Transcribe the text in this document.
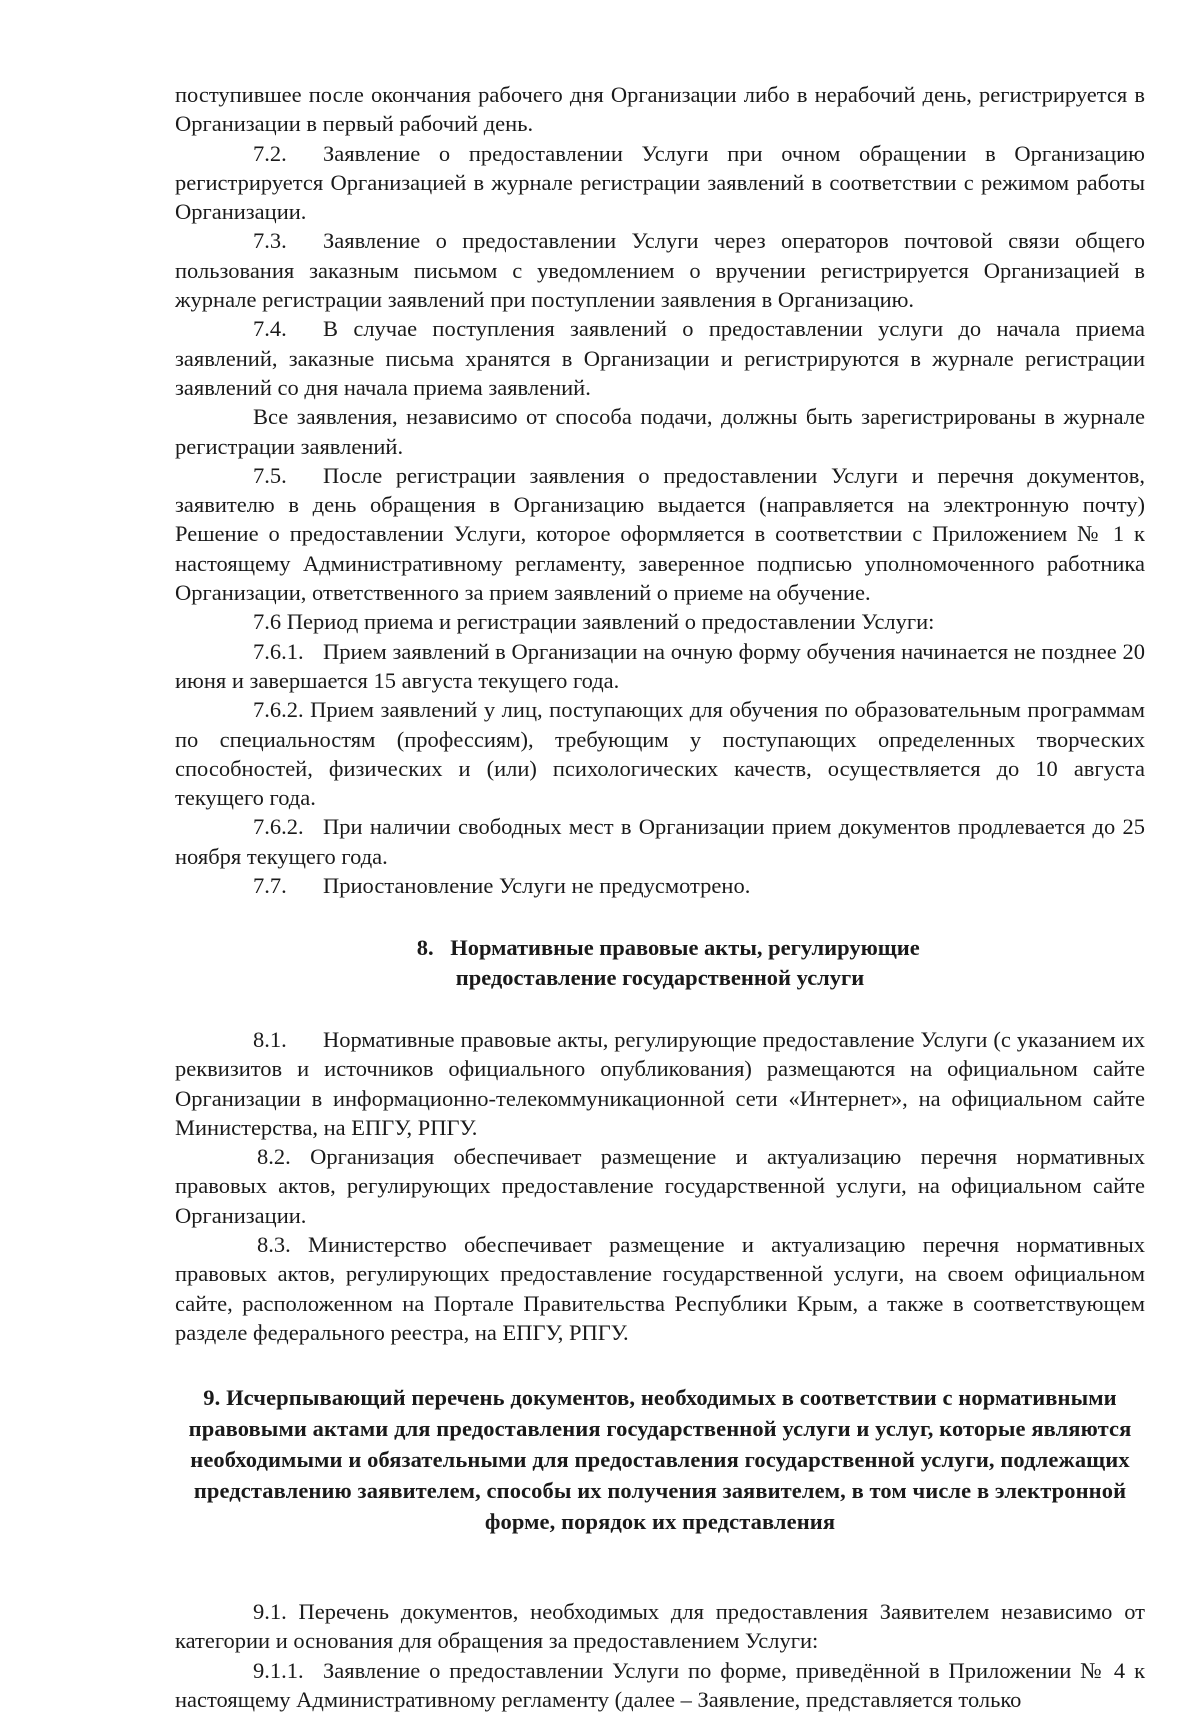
поступившее после окончания рабочего дня Организации либо в нерабочий день, регистрируется в Организации в первый рабочий день.

7.2. Заявление о предоставлении Услуги при очном обращении в Организацию регистрируется Организацией в журнале регистрации заявлений в соответствии с режимом работы Организации.

7.3. Заявление о предоставлении Услуги через операторов почтовой связи общего пользования заказным письмом с уведомлением о вручении регистрируется Организацией в журнале регистрации заявлений при поступлении заявления в Организацию.

7.4. В случае поступления заявлений о предоставлении услуги до начала приема заявлений, заказные письма хранятся в Организации и регистрируются в журнале регистрации заявлений со дня начала приема заявлений.

Все заявления, независимо от способа подачи, должны быть зарегистрированы в журнале регистрации заявлений.

7.5. После регистрации заявления о предоставлении Услуги и перечня документов, заявителю в день обращения в Организацию выдается (направляется на электронную почту) Решение о предоставлении Услуги, которое оформляется в соответствии с Приложением № 1 к настоящему Административному регламенту, заверенное подписью уполномоченного работника Организации, ответственного за прием заявлений о приеме на обучение.

7.6 Период приема и регистрации заявлений о предоставлении Услуги:

7.6.1. Прием заявлений в Организации на очную форму обучения начинается не позднее 20 июня и завершается 15 августа текущего года.

7.6.2. Прием заявлений у лиц, поступающих для обучения по образовательным программам по специальностям (профессиям), требующим у поступающих определенных творческих способностей, физических и (или) психологических качеств, осуществляется до 10 августа текущего года.

7.6.2. При наличии свободных мест в Организации прием документов продлевается до 25 ноября текущего года.

7.7. Приостановление Услуги не предусмотрено.

8. Нормативные правовые акты, регулирующие
предоставление государственной услуги

8.1. Нормативные правовые акты, регулирующие предоставление Услуги (с указанием их реквизитов и источников официального опубликования) размещаются на официальном сайте Организации в информационно-телекоммуникационной сети «Интернет», на официальном сайте Министерства, на ЕПГУ, РПГУ.

8.2. Организация обеспечивает размещение и актуализацию перечня нормативных правовых актов, регулирующих предоставление государственной услуги, на официальном сайте Организации.

8.3. Министерство обеспечивает размещение и актуализацию перечня нормативных правовых актов, регулирующих предоставление государственной услуги, на своем официальном сайте, расположенном на Портале Правительства Республики Крым, а также в соответствующем разделе федерального реестра, на ЕПГУ, РПГУ.

9. Исчерпывающий перечень документов, необходимых в соответствии с нормативными правовыми актами для предоставления государственной услуги и услуг, которые являются необходимыми и обязательными для предоставления государственной услуги, подлежащих представлению заявителем, способы их получения заявителем, в том числе в электронной форме, порядок их представления

9.1. Перечень документов, необходимых для предоставления Заявителем независимо от категории и основания для обращения за предоставлением Услуги:

9.1.1. Заявление о предоставлении Услуги по форме, приведённой в Приложении № 4 к настоящему Административному регламенту (далее – Заявление, представляется только
